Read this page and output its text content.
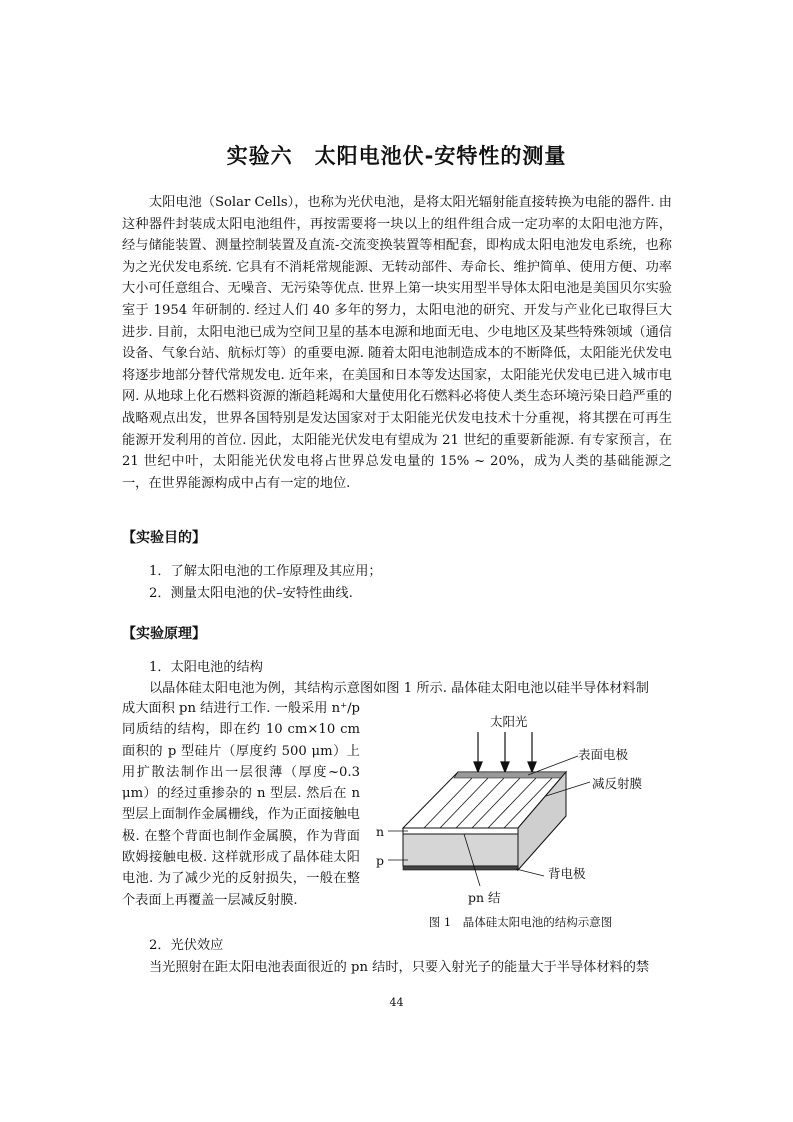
实验六　太阳电池伏-安特性的测量

太阳电池（Solar Cells），也称为光伏电池，是将太阳光辐射能直接转换为电能的器件. 由这种器件封装成太阳电池组件，再按需要将一块以上的组件组合成一定功率的太阳电池方阵，经与储能装置、测量控制装置及直流-交流变换装置等相配套，即构成太阳电池发电系统，也称为之光伏发电系统. 它具有不消耗常规能源、无转动部件、寿命长、维护简单、使用方便、功率大小可任意组合、无噪音、无污染等优点. 世界上第一块实用型半导体太阳电池是美国贝尔实验室于 1954 年研制的. 经过人们 40 多年的努力，太阳电池的研究、开发与产业化已取得巨大进步. 目前，太阳电池已成为空间卫星的基本电源和地面无电、少电地区及某些特殊领域（通信设备、气象台站、航标灯等）的重要电源. 随着太阳电池制造成本的不断降低，太阳能光伏发电将逐步地部分替代常规发电. 近年来，在美国和日本等发达国家，太阳能光伏发电已进入城市电网. 从地球上化石燃料资源的渐趋耗竭和大量使用化石燃料必将使人类生态环境污染日趋严重的战略观点出发，世界各国特别是发达国家对于太阳能光伏发电技术十分重视，将其摆在可再生能源开发利用的首位. 因此，太阳能光伏发电有望成为 21 世纪的重要新能源. 有专家预言，在 21 世纪中叶，太阳能光伏发电将占世界总发电量的 15% ~ 20%，成为人类的基础能源之一，在世界能源构成中占有一定的地位.

【实验目的】
1．了解太阳电池的工作原理及其应用；
2．测量太阳电池的伏–安特性曲线.
【实验原理】
1．太阳电池的结构
以晶体硅太阳电池为例，其结构示意图如图 1 所示. 晶体硅太阳电池以硅半导体材料制

成大面积 pn 结进行工作. 一般采用 n⁺/p 同质结的结构，即在约 10 cm×10 cm面积的 p 型硅片（厚度约 500 μm）上用扩散法制作出一层很薄（厚度~0.3 μm）的经过重掺杂的 n 型层. 然后在 n 型层上面制作金属栅线，作为正面接触电极. 在整个背面也制作金属膜，作为背面欧姆接触电极. 这样就形成了晶体硅太阳电池. 为了减少光的反射损失，一般在整个表面上再覆盖一层减反射膜.

太阳光
表面电极
减反射膜
n
p
背电极
pn 结
图 1　晶体硅太阳电池的结构示意图
2．光伏效应
当光照射在距太阳电池表面很近的 pn 结时，只要入射光子的能量大于半导体材料的禁
44
